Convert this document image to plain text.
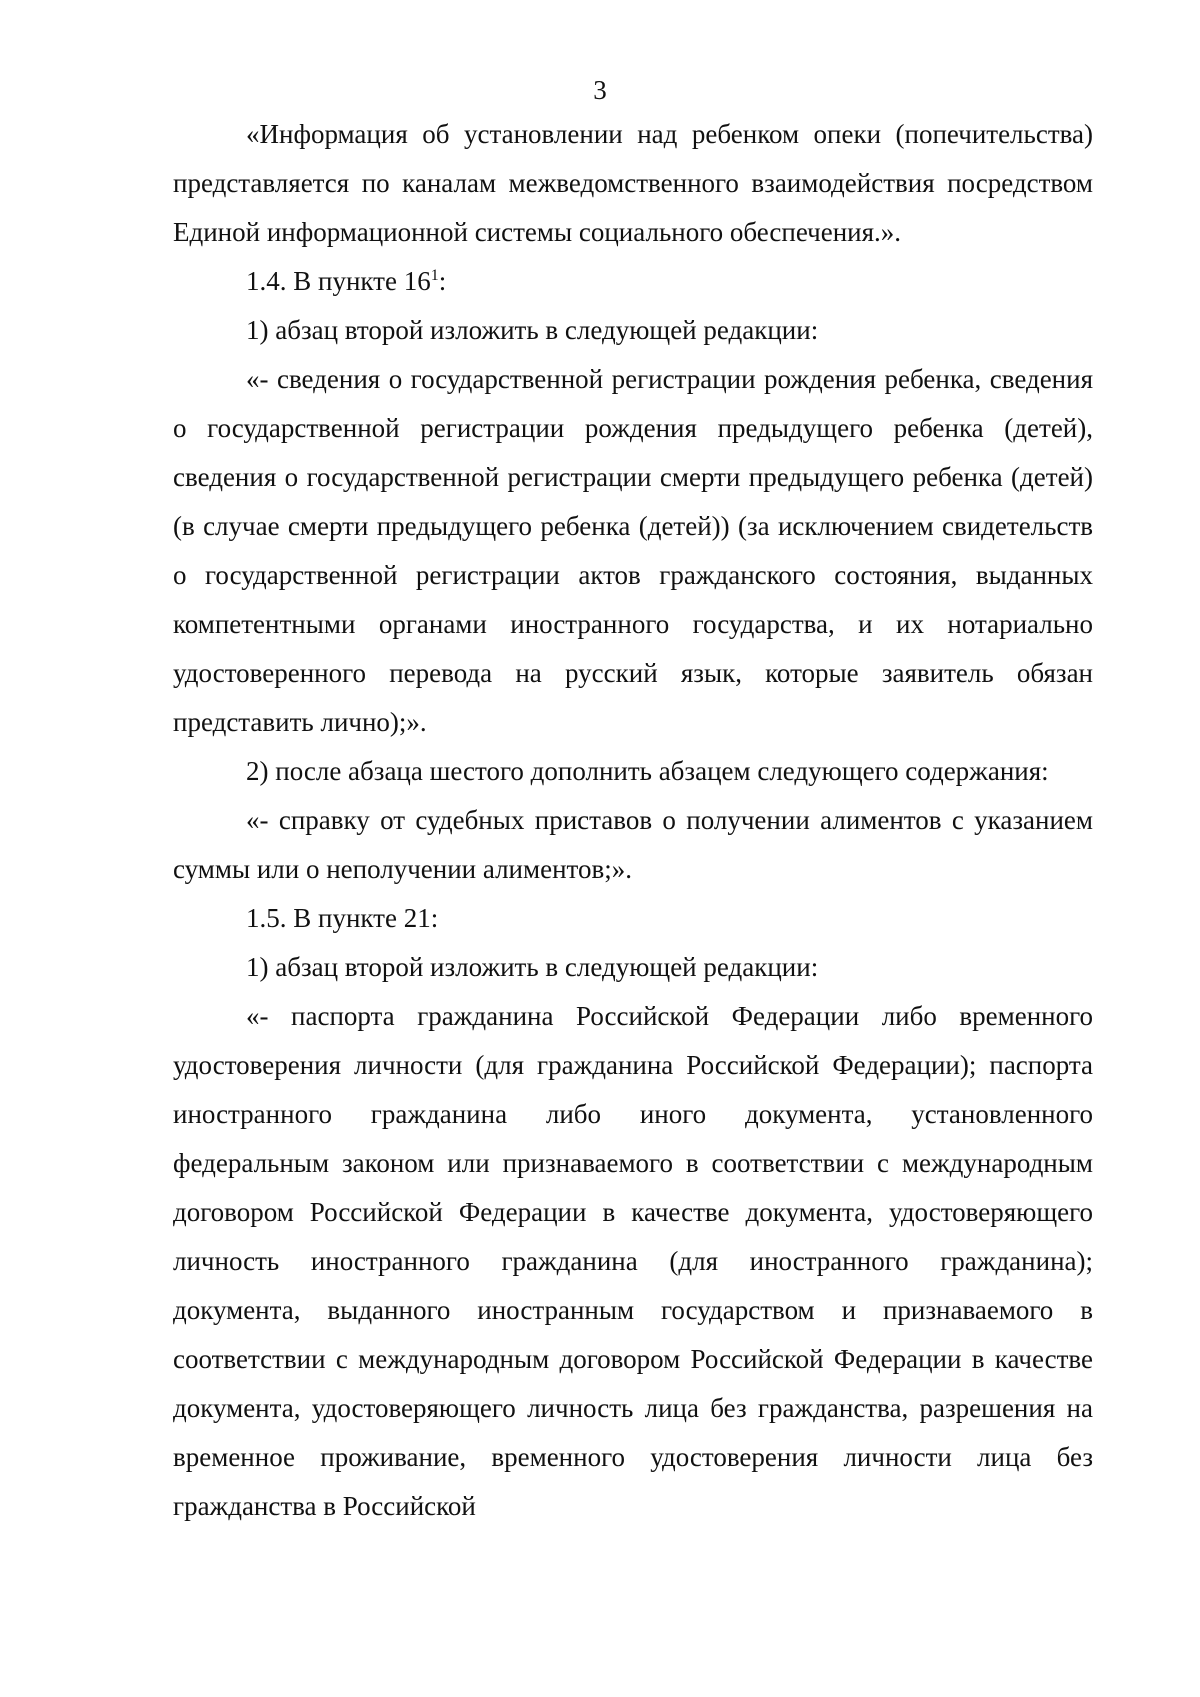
3

«Информация об установлении над ребенком опеки (попечительства) представляется по каналам межведомственного взаимодействия посредством Единой информационной системы социального обеспечения.».

1.4. В пункте $16^1$:

1) абзац второй изложить в следующей редакции:

«- сведения о государственной регистрации рождения ребенка, сведения о государственной регистрации рождения предыдущего ребенка (детей), сведения о государственной регистрации смерти предыдущего ребенка (детей) (в случае смерти предыдущего ребенка (детей)) (за исключением свидетельств о государственной регистрации актов гражданского состояния, выданных компетентными органами иностранного государства, и их нотариально удостоверенного перевода на русский язык, которые заявитель обязан представить лично);».

2) после абзаца шестого дополнить абзацем следующего содержания:

«- справку от судебных приставов о получении алиментов с указанием суммы или о неполучении алиментов;».

1.5. В пункте 21:

1) абзац второй изложить в следующей редакции:

«- паспорта гражданина Российской Федерации либо временного удостоверения личности (для гражданина Российской Федерации); паспорта иностранного гражданина либо иного документа, установленного федеральным законом или признаваемого в соответствии с международным договором Российской Федерации в качестве документа, удостоверяющего личность иностранного гражданина (для иностранного гражданина); документа, выданного иностранным государством и признаваемого в соответствии с международным договором Российской Федерации в качестве документа, удостоверяющего личность лица без гражданства, разрешения на временное проживание, временного удостоверения личности лица без гражданства в Российской
